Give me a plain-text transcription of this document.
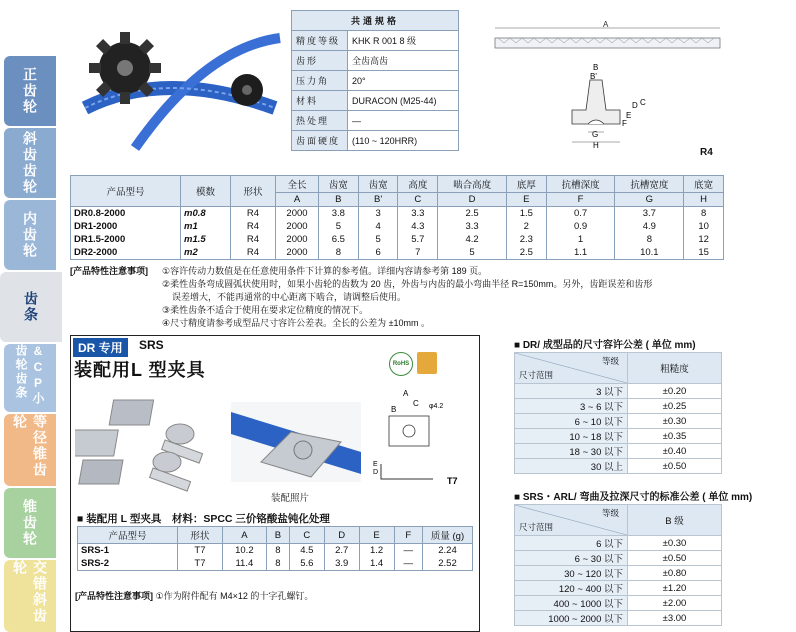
正齿轮
斜齿齿轮
内齿轮
齿条
&CP小齿轮齿条
等径锥齿轮
锥齿轮
交错斜齿轮
共通规格	
精度等级	KHK R 001 8 级
齿形	全齿高齿
压力角	20°
材料	DURACON (M25-44)
热处理	—
齿面硬度	(110 ~ 120HRR)
A
B
B'
C
D
E
F
G
H
R4
产品型号	模数	形状	全长	齿宽	齿宽	高度	啮合高度	底厚	抗槽深度	抗槽宽度	底宽
			A	B	B'	C	D	E	F	G	H
DR0.8-2000	m0.8	R4	2000	3.8	3	3.3	2.5	1.5	0.7	3.7	8
DR1-2000	m1	R4	2000	5	4	4.3	3.3	2	0.9	4.9	10
DR1.5-2000	m1.5	R4	2000	6.5	5	5.7	4.2	2.3	1	8	12
DR2-2000	m2	R4	2000	8	6	7	5	2.5	1.1	10.1	15
[产品特性注意事项] ①容许传动力数值是在任意使用条件下计算的参考值。详细内容请参考第 189 页。
②柔性齿条弯成圆弧状使用时，如果小齿轮的齿数为 20 齿，外齿与内齿的最小弯曲半径 R=150mm。另外，齿距误差和齿形
误差增大，不能再通常的中心距离下啮合，请调整后使用。
③柔性齿条不适合于使用在要求定位精度的情况下。
④尺寸精度请参考成型品尺寸容许公差表。全长的公差为 ±10mm 。
DR 专用	SRS
装配用L 型夹具	RoHS
装配照片
A
C
B	φ4.2
D
E
T7
■ 装配用 L 型夹具　材料：SPCC 三价铬酸盐钝化处理
产品型号	形状	A	B	C	D	E	F	质量 (g)
SRS-1	T7	10.2	8	4.5	2.7	1.2	—	2.24
SRS-2	T7	11.4	8	5.6	3.9	1.4	—	2.52
[产品特性注意事项] ①作为附件配有 M4×12 的十字孔螺钉。
■ DR/ 成型品的尺寸容许公差 ( 单位 mm)
等级
尺寸范围	粗糙度
3 以下	±0.20
3 ~ 6 以下	±0.25
6 ~ 10 以下	±0.30
10 ~ 18 以下	±0.35
18 ~ 30 以下	±0.40
30 以上	±0.50
■ SRS・ARL/ 弯曲及拉深尺寸的标准公差 ( 单位 mm)
等级
尺寸范围	B 级
6 以下	±0.30
6 ~ 30 以下	±0.50
30 ~ 120 以下	±0.80
120 ~ 400 以下	±1.20
400 ~ 1000 以下	±2.00
1000 ~ 2000 以下	±3.00
